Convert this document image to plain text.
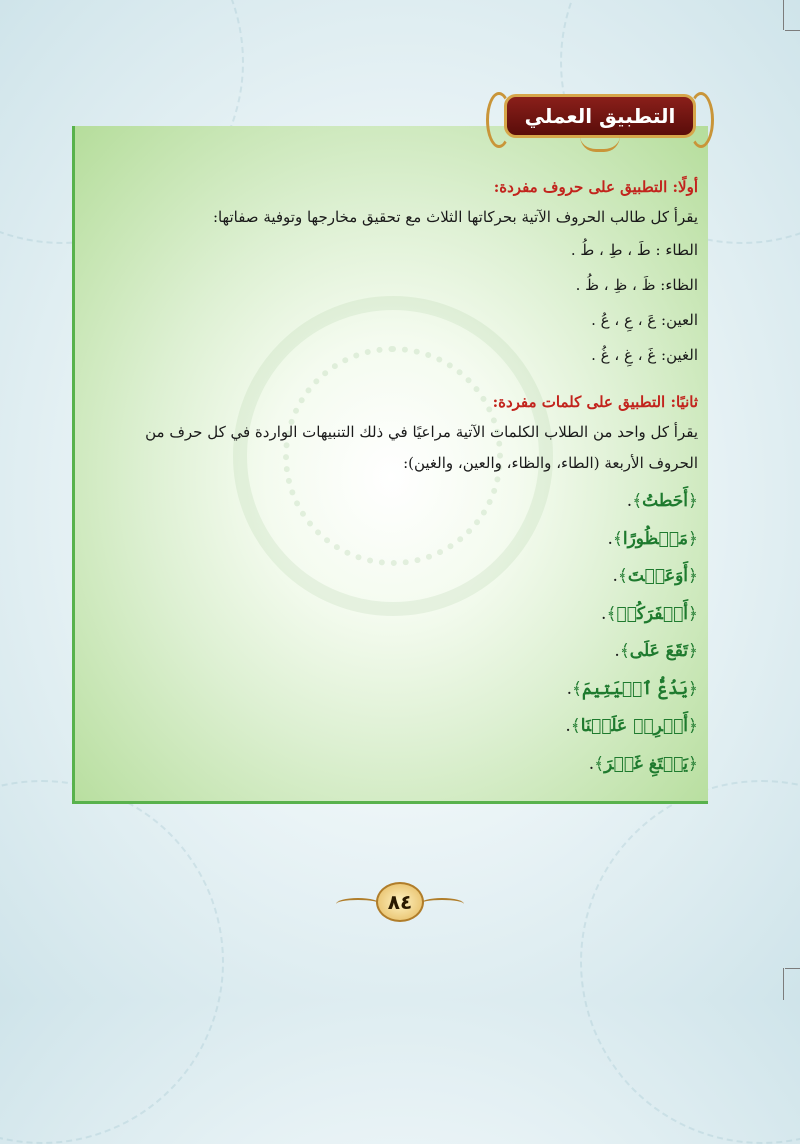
التطبيق العملي

أولًا: التطبيق على حروف مفردة:

يقرأ كل طالب الحروف الآتية بحركاتها الثلاث مع تحقيق مخارجها وتوفية صفاتها:

الطاء : طَ ، طِ ، طُ .
الظاء: ظَ ، ظِ ، ظُ .
العين: عَ ، عِ ، عُ .
الغين: غَ ، غِ ، غُ .

ثانيًا: التطبيق على كلمات مفردة:

يقرأ كل واحد من الطلاب الكلمات الآتية مراعيًا في ذلك التنبيهات الواردة في كل حرف من الحروف الأربعة (الطاء، والظاء، والعين، والغين):

﴿أَحَطتُ﴾.
﴿مَحۡظُورًا﴾.
﴿أَوَعَظۡتَ﴾.
﴿أَظۡفَرَكُمۡ﴾.
﴿تَقَعَ عَلَى﴾.
﴿يَدُعُّ ٱلۡيَتِيمَ﴾.
﴿أَفۡرِغۡ عَلَيۡنَا﴾.
﴿يَبۡتَغِ غَيۡرَ﴾.
٨٤
